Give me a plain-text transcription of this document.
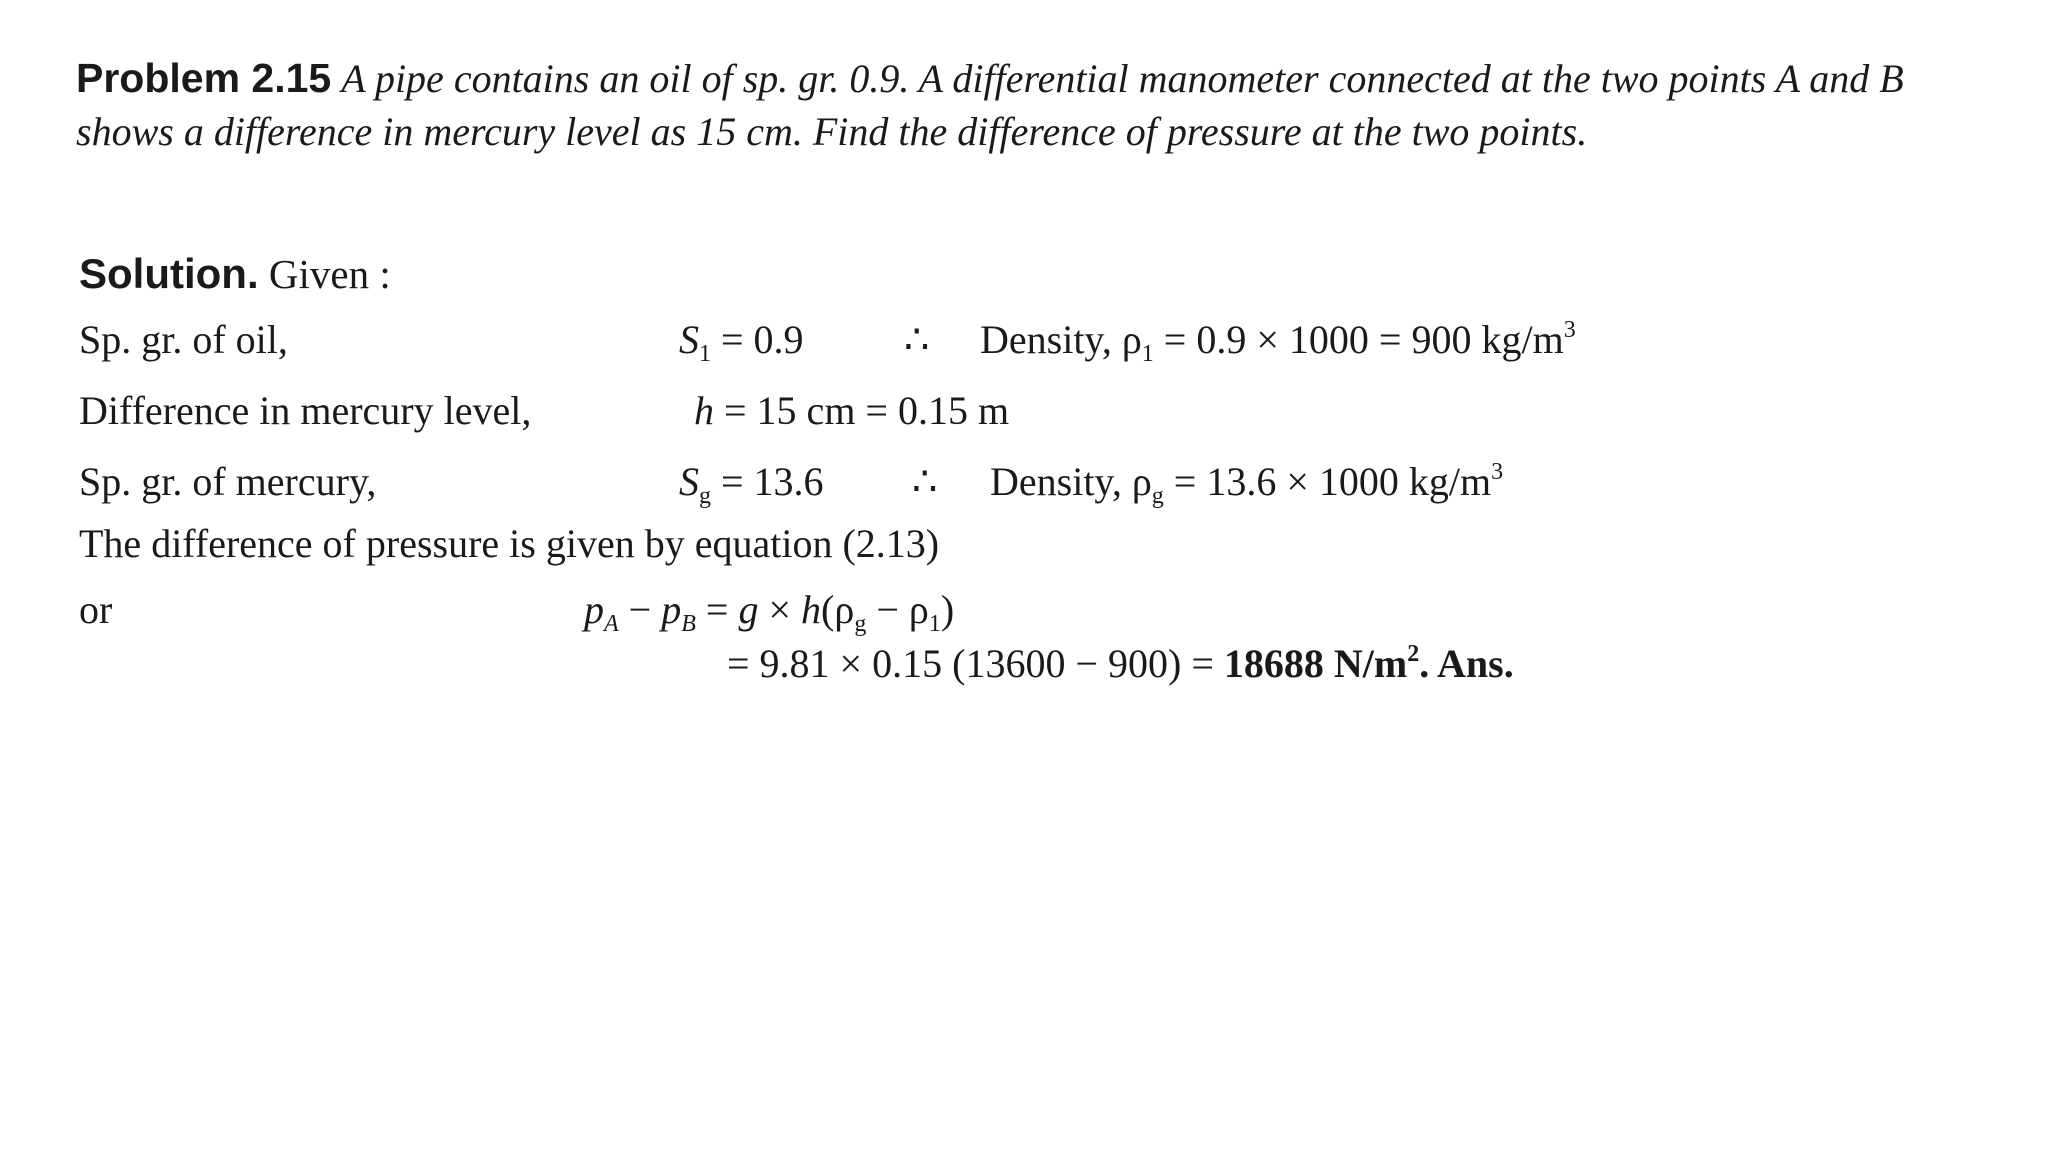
Problem 2.15 A pipe contains an oil of sp. gr. 0.9. A differential manometer connected at the two points A and B shows a difference in mercury level as 15 cm. Find the difference of pressure at the two points.
Solution. Given :
Sp. gr. of oil,	$S_1 = 0.9$	∴ Density, $\rho_1 = 0.9 \times 1000 = 900$ $kg/m^3$
Difference in mercury level,	h = 15 cm = 0.15 m
Sp. gr. of mercury,	$S_g = 13.6$ ∴ Density, $\rho_g = 13.6 \times 1000$ $kg/m^3$
The difference of pressure is given by equation (2.13)
or	$p_A - p_B = g \times h(\rho_g - \rho_1)$
= 9.81 × 0.15 (13600 − 900) = 18688 $N/m^2$. Ans.
